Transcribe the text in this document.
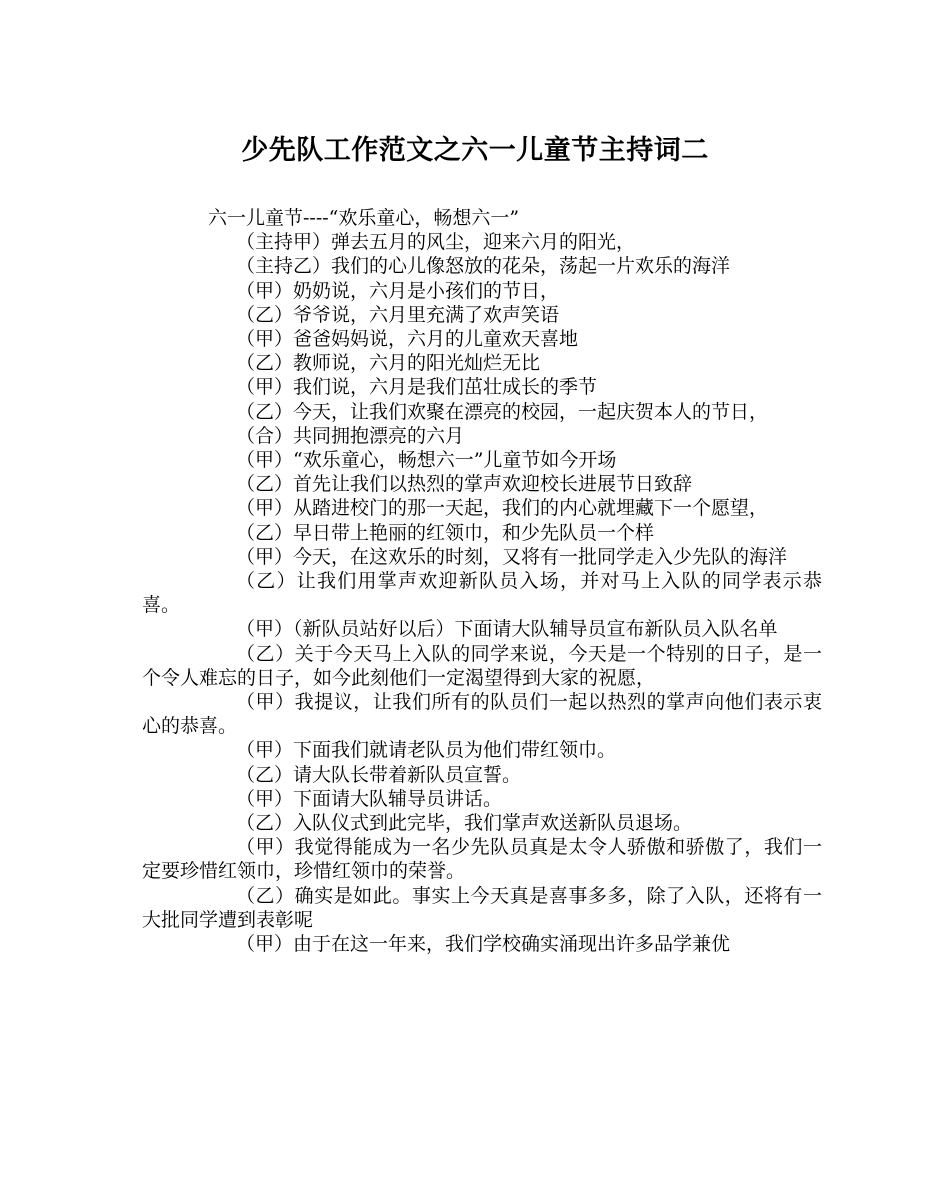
少先队工作范文之六一儿童节主持词二

六一儿童节----“欢乐童心，畅想六一”

（主持甲）弹去五月的风尘，迎来六月的阳光，

（主持乙）我们的心儿像怒放的花朵，荡起一片欢乐的海洋

（甲）奶奶说，六月是小孩们的节日，

（乙）爷爷说，六月里充满了欢声笑语

（甲）爸爸妈妈说，六月的儿童欢天喜地

（乙）教师说，六月的阳光灿烂无比

（甲）我们说，六月是我们茁壮成长的季节

（乙）今天，让我们欢聚在漂亮的校园，一起庆贺本人的节日，

（合）共同拥抱漂亮的六月

（甲）“欢乐童心，畅想六一”儿童节如今开场

（乙）首先让我们以热烈的掌声欢迎校长进展节日致辞

（甲）从踏进校门的那一天起，我们的内心就埋藏下一个愿望，

（乙）早日带上艳丽的红领巾，和少先队员一个样

（甲）今天，在这欢乐的时刻，又将有一批同学走入少先队的海洋

（乙）让我们用掌声欢迎新队员入场，并对马上入队的同学表示恭喜。

（甲）（新队员站好以后）下面请大队辅导员宣布新队员入队名单

（乙）关于今天马上入队的同学来说，今天是一个特别的日子，是一个令人难忘的日子，如今此刻他们一定渴望得到大家的祝愿，

（甲）我提议，让我们所有的队员们一起以热烈的掌声向他们表示衷心的恭喜。

（甲）下面我们就请老队员为他们带红领巾。

（乙）请大队长带着新队员宣誓。

（甲）下面请大队辅导员讲话。

（乙）入队仪式到此完毕，我们掌声欢送新队员退场。

（甲）我觉得能成为一名少先队员真是太令人骄傲和骄傲了，我们一定要珍惜红领巾，珍惜红领巾的荣誉。

（乙）确实是如此。事实上今天真是喜事多多，除了入队，还将有一大批同学遭到表彰呢

（甲）由于在这一年来，我们学校确实涌现出许多品学兼优
